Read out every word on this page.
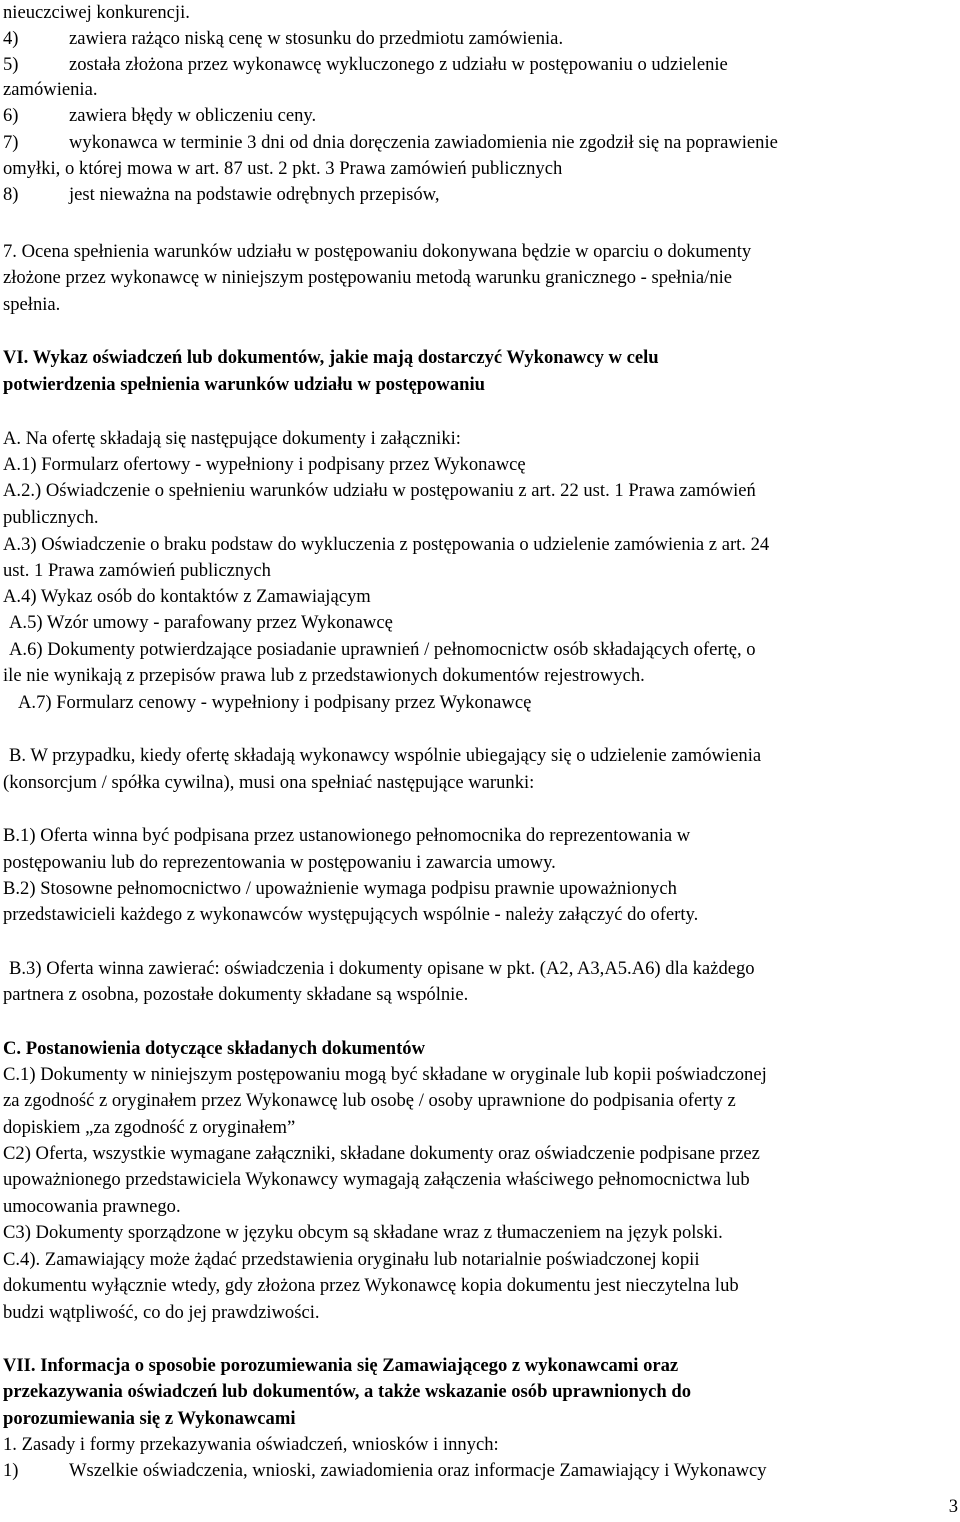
nieuczciwej konkurencji.
4)	zawiera rażąco niską cenę w stosunku do przedmiotu zamówienia.
5)	została złożona przez wykonawcę wykluczonego z udziału w postępowaniu o udzielenie
zamówienia.
6)	zawiera błędy w obliczeniu ceny.
7)	wykonawca w terminie 3 dni od dnia doręczenia zawiadomienia nie zgodził się na poprawienie
omyłki, o której mowa w art. 87 ust. 2 pkt. 3 Prawa zamówień publicznych
8)	jest nieważna na podstawie odrębnych przepisów,
7. Ocena spełnienia warunków udziału w postępowaniu dokonywana będzie w oparciu o dokumenty
złożone przez wykonawcę w niniejszym postępowaniu metodą warunku granicznego - spełnia/nie
spełnia.
VI. Wykaz oświadczeń lub dokumentów, jakie mają dostarczyć Wykonawcy w celu
potwierdzenia spełnienia warunków udziału w postępowaniu
A. Na ofertę składają się następujące dokumenty i załączniki:
A.1) Formularz ofertowy - wypełniony i podpisany przez Wykonawcę
A.2.) Oświadczenie o spełnieniu warunków udziału w postępowaniu z art. 22 ust. 1 Prawa zamówień
publicznych.
A.3) Oświadczenie o braku podstaw do wykluczenia z postępowania o udzielenie zamówienia z art. 24
ust. 1 Prawa zamówień publicznych
A.4) Wykaz osób do kontaktów z Zamawiającym
A.5) Wzór umowy - parafowany przez Wykonawcę
A.6) Dokumenty potwierdzające posiadanie uprawnień / pełnomocnictw osób składających ofertę, o
ile nie wynikają z przepisów prawa lub z przedstawionych dokumentów rejestrowych.
A.7) Formularz cenowy - wypełniony i podpisany przez Wykonawcę
B. W przypadku, kiedy ofertę składają wykonawcy wspólnie ubiegający się o udzielenie zamówienia
(konsorcjum / spółka cywilna), musi ona spełniać następujące warunki:
B.1) Oferta winna być podpisana przez ustanowionego pełnomocnika do reprezentowania w
postępowaniu lub do reprezentowania w postępowaniu i zawarcia umowy.
B.2) Stosowne pełnomocnictwo / upoważnienie wymaga podpisu prawnie upoważnionych
przedstawicieli każdego z wykonawców występujących wspólnie - należy załączyć do oferty.
B.3) Oferta winna zawierać: oświadczenia i dokumenty opisane w pkt. (A2, A3,A5.A6) dla każdego
partnera z osobna, pozostałe dokumenty składane są wspólnie.
C. Postanowienia dotyczące składanych dokumentów
C.1) Dokumenty w niniejszym postępowaniu mogą być składane w oryginale lub kopii poświadczonej
za zgodność z oryginałem przez Wykonawcę lub osobę / osoby uprawnione do podpisania oferty z
dopiskiem „za zgodność z oryginałem”
C2) Oferta, wszystkie wymagane załączniki, składane dokumenty oraz oświadczenie podpisane przez
upoważnionego przedstawiciela Wykonawcy wymagają załączenia właściwego pełnomocnictwa lub
umocowania prawnego.
C3) Dokumenty sporządzone w języku obcym są składane wraz z tłumaczeniem na język polski.
C.4). Zamawiający może żądać przedstawienia oryginału lub notarialnie poświadczonej kopii
dokumentu wyłącznie wtedy, gdy złożona przez Wykonawcę kopia dokumentu jest nieczytelna lub
budzi wątpliwość, co do jej prawdziwości.
VII. Informacja o sposobie porozumiewania się Zamawiającego z wykonawcami oraz
przekazywania oświadczeń lub dokumentów, a także wskazanie osób uprawnionych do
porozumiewania się z Wykonawcami
1. Zasady i formy przekazywania oświadczeń, wniosków i innych:
1)	Wszelkie oświadczenia, wnioski, zawiadomienia oraz informacje Zamawiający i Wykonawcy
3
